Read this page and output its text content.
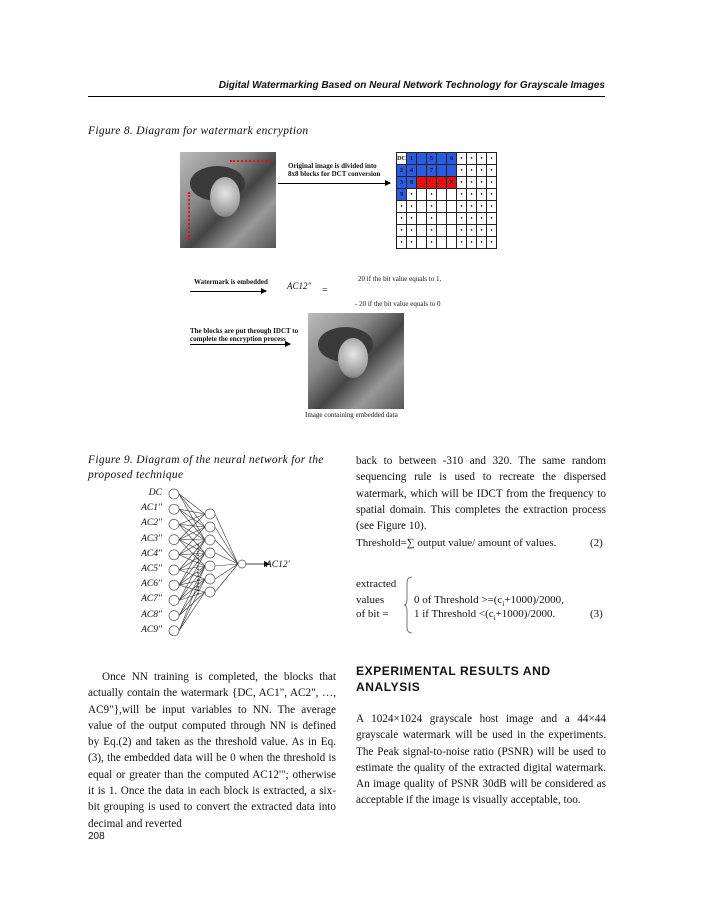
Digital Watermarking Based on Neural Network Technology for Grayscale Images
Figure 8. Diagram for watermark encryption
Original image is divided into 8x8 blocks for DCT conversion
DC	1		5		6	•	•	•	•
2	4		7			•	•	•	•
3	8				X	•	•	•	•
9	•		•			•	•	•	•
•	•		•			•	•	•	•
•	•		•			•	•	•	•
•	•		•			•	•	•	•
•	•		•			•	•	•	•
Watermark is embedded AC12" =
20 if the bit value equals to 1,
- 20 if the bit value equals to 0
The blocks are put through IDCT to complete the encryption process
Image containing embedded data
Figure 9. Diagram of the neural network for the proposed technique
DC
AC1"
AC2"
AC3"
AC4"
AC5"
AC6"
AC7"
AC8"
AC9"
AC12'
Once NN training is completed, the blocks that actually contain the watermark {DC, AC1", AC2", …, AC9"},will be input variables to NN. The average value of the output computed through NN is defined by Eq.(2) and taken as the threshold value. As in Eq.(3), the embedded data will be 0 when the threshold is equal or greater than the computed AC12'"; otherwise it is 1. Once the data in each block is extracted, a six-bit grouping is used to convert the extracted data into decimal and reverted
back to between -310 and 320. The same random sequencing rule is used to recreate the dispersed watermark, which will be IDCT from the frequency to spatial domain. This completes the extraction process (see Figure 10).
Threshold=∑ output value/ amount of values.	(2)
extracted
values
of bit =
0 of Threshold $>=(c_i+1000)/2000$,
1 if Threshold $<(c_i+1000)/2000$.	(3)
EXPERIMENTAL RESULTS AND ANALYSIS
A 1024×1024 grayscale host image and a 44×44 grayscale watermark will be used in the experiments. The Peak signal-to-noise ratio (PSNR) will be used to estimate the quality of the extracted digital watermark. An image quality of PSNR 30dB will be considered as acceptable if the image is visually acceptable, too.
208
